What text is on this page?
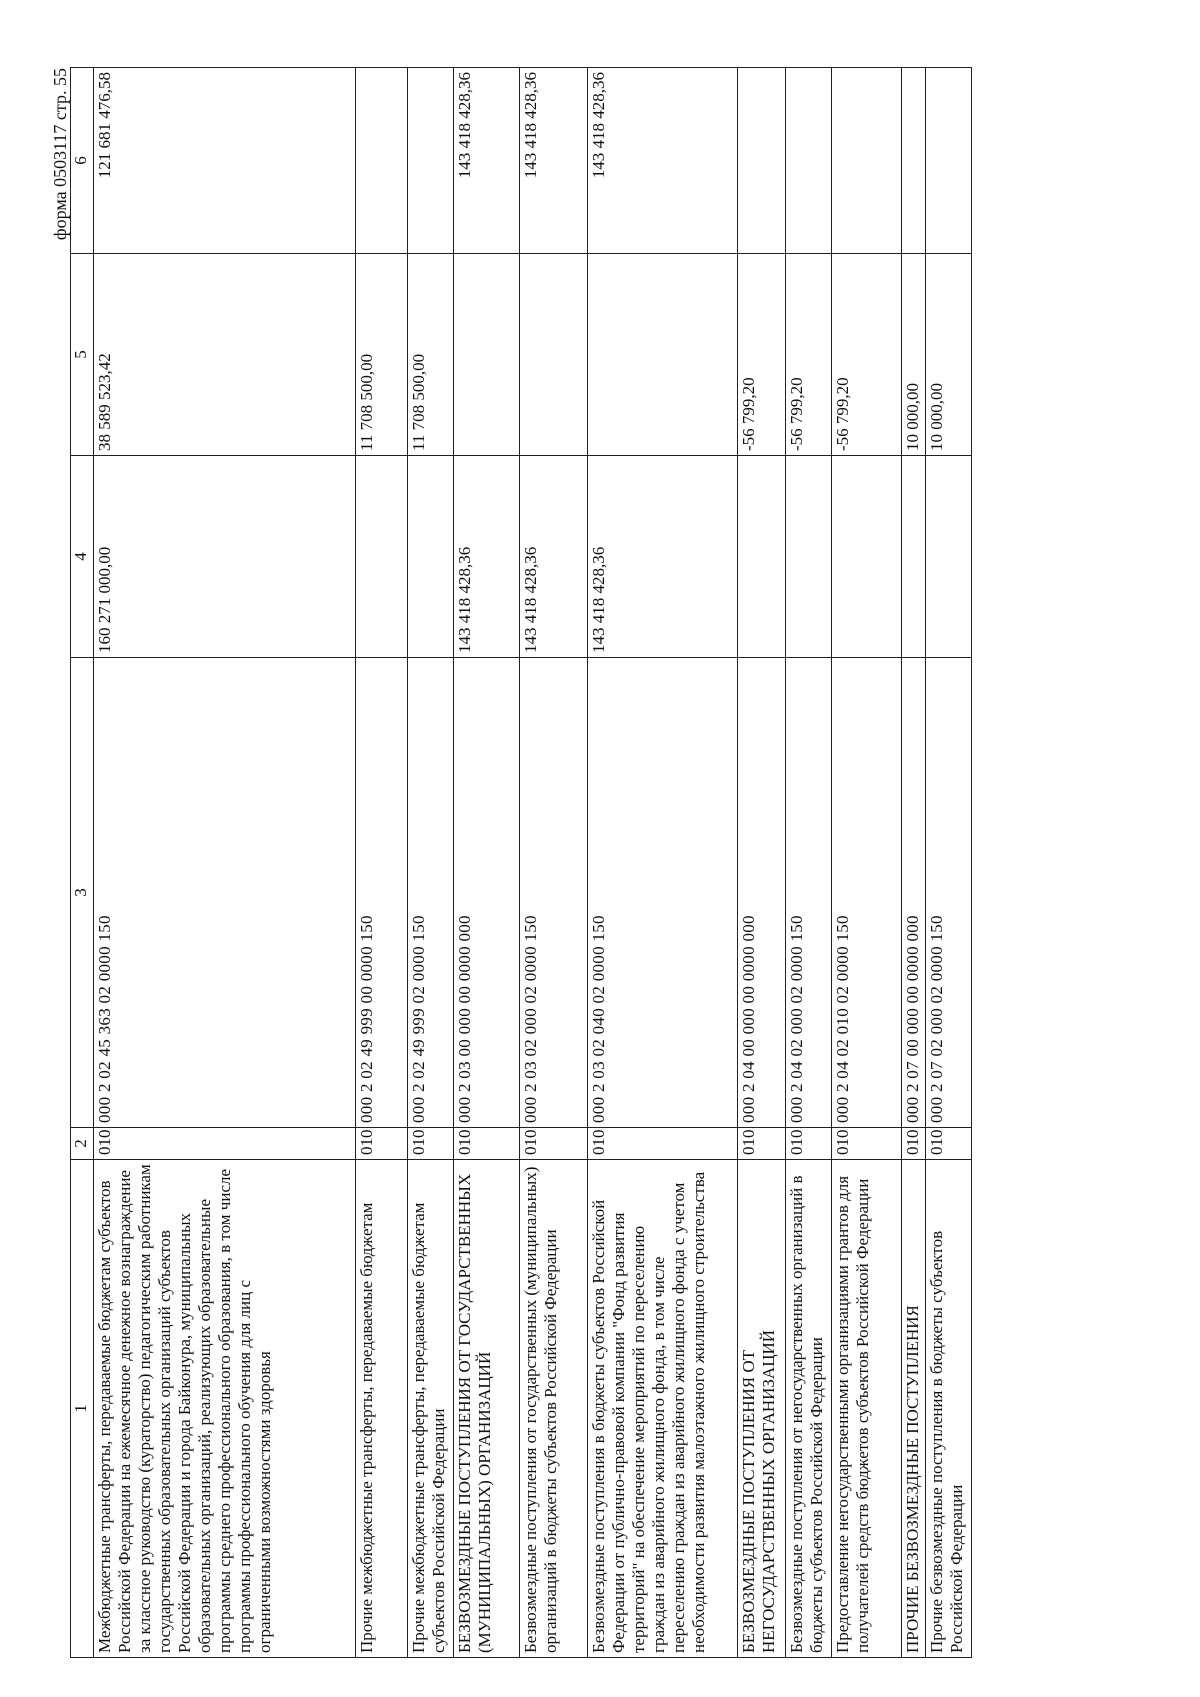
форма 0503117 стр. 55
1	2	3	4	5	6
Межбюджетные трансферты, передаваемые бюджетам субъектов Российской Федерации на ежемесячное денежное вознаграждение за классное руководство (кураторство) педагогическим работникам государственных образовательных организаций субъектов Российской Федерации и города Байконура, муниципальных образовательных организаций, реализующих образовательные программы среднего профессионального образования, в том числе программы профессионального обучения для лиц с ограниченными возможностями здоровья	010	000 2 02 45 363 02 0000 150	160 271 000,00	38 589 523,42	121 681 476,58
Прочие межбюджетные трансферты, передаваемые бюджетам	010	000 2 02 49 999 00 0000 150		11 708 500,00	
Прочие межбюджетные трансферты, передаваемые бюджетам субъектов Российской Федерации	010	000 2 02 49 999 02 0000 150		11 708 500,00	
БЕЗВОЗМЕЗДНЫЕ ПОСТУПЛЕНИЯ ОТ ГОСУДАРСТВЕННЫХ (МУНИЦИПАЛЬНЫХ) ОРГАНИЗАЦИЙ	010	000 2 03 00 000 00 0000 000	143 418 428,36		143 418 428,36
Безвозмездные поступления от государственных (муниципальных) организаций в бюджеты субъектов Российской Федерации	010	000 2 03 02 000 02 0000 150	143 418 428,36		143 418 428,36
Безвозмездные поступления в бюджеты субъектов Российской Федерации от публично-правовой компании "Фонд развития территорий" на обеспечение мероприятий по переселению граждан из аварийного жилищного фонда, в том числе переселению граждан из аварийного жилищного фонда с учетом необходимости развития малоэтажного жилищного строительства	010	000 2 03 02 040 02 0000 150	143 418 428,36		143 418 428,36
БЕЗВОЗМЕЗДНЫЕ ПОСТУПЛЕНИЯ ОТ НЕГОСУДАРСТВЕННЫХ ОРГАНИЗАЦИЙ	010	000 2 04 00 000 00 0000 000		-56 799,20	
Безвозмездные поступления от негосударственных организаций в бюджеты субъектов Российской Федерации	010	000 2 04 02 000 02 0000 150		-56 799,20	
Предоставление негосударственными организациями грантов для получателей средств бюджетов субъектов Российской Федерации	010	000 2 04 02 010 02 0000 150		-56 799,20	
ПРОЧИЕ БЕЗВОЗМЕЗДНЫЕ ПОСТУПЛЕНИЯ	010	000 2 07 00 000 00 0000 000		10 000,00	
Прочие безвозмездные поступления в бюджеты субъектов Российской Федерации	010	000 2 07 02 000 02 0000 150		10 000,00	
